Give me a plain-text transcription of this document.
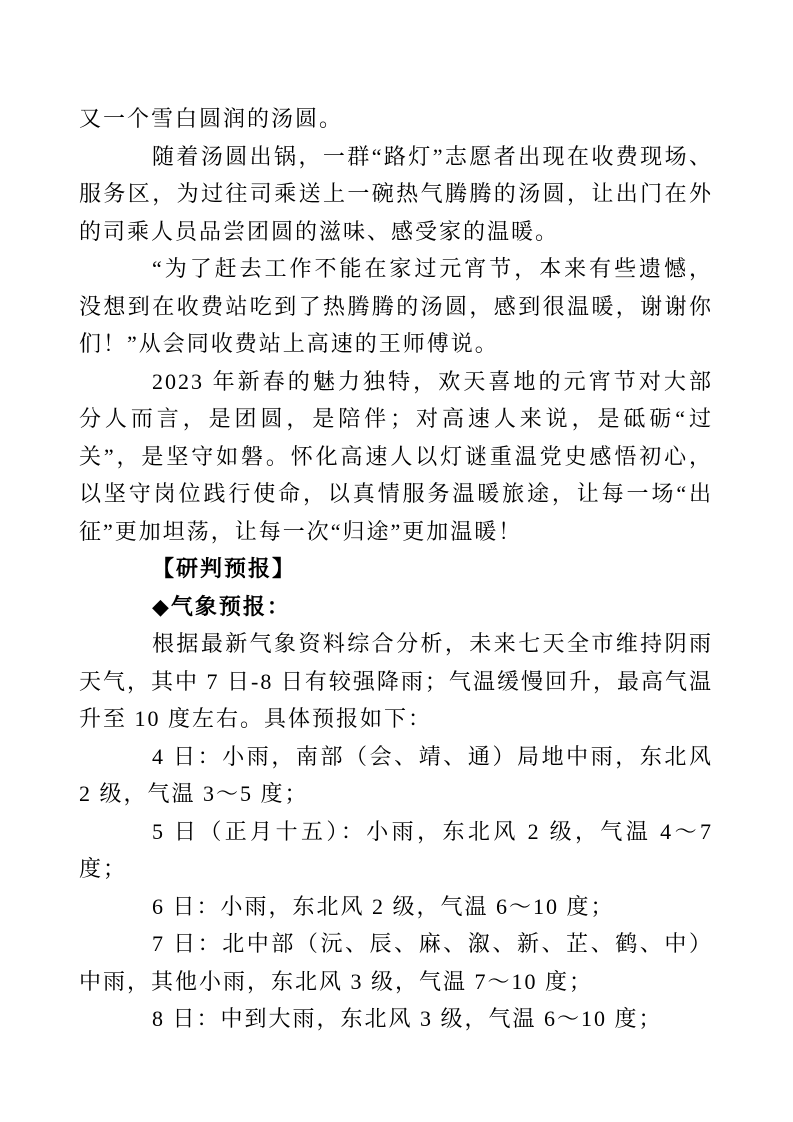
又一个雪白圆润的汤圆。

随着汤圆出锅，一群“路灯”志愿者出现在收费现场、服务区，为过往司乘送上一碗热气腾腾的汤圆，让出门在外的司乘人员品尝团圆的滋味、感受家的温暖。

“为了赶去工作不能在家过元宵节，本来有些遗憾，没想到在收费站吃到了热腾腾的汤圆，感到很温暖，谢谢你们！”从会同收费站上高速的王师傅说。

2023 年新春的魅力独特，欢天喜地的元宵节对大部分人而言，是团圆，是陪伴；对高速人来说，是砥砺“过关”，是坚守如磐。怀化高速人以灯谜重温党史感悟初心，以坚守岗位践行使命，以真情服务温暖旅途，让每一场“出征”更加坦荡，让每一次“归途”更加温暖！

【研判预报】

◆气象预报：

根据最新气象资料综合分析，未来七天全市维持阴雨天气，其中 7 日-8 日有较强降雨；气温缓慢回升，最高气温升至 10 度左右。具体预报如下：

4 日：小雨，南部（会、靖、通）局地中雨，东北风 2 级，气温 3～5 度；

5 日（正月十五）：小雨，东北风 2 级，气温 4～7 度；

6 日：小雨，东北风 2 级，气温 6～10 度；

7 日：北中部（沅、辰、麻、溆、新、芷、鹤、中）中雨，其他小雨，东北风 3 级，气温 7～10 度；

8 日：中到大雨，东北风 3 级，气温 6～10 度；
